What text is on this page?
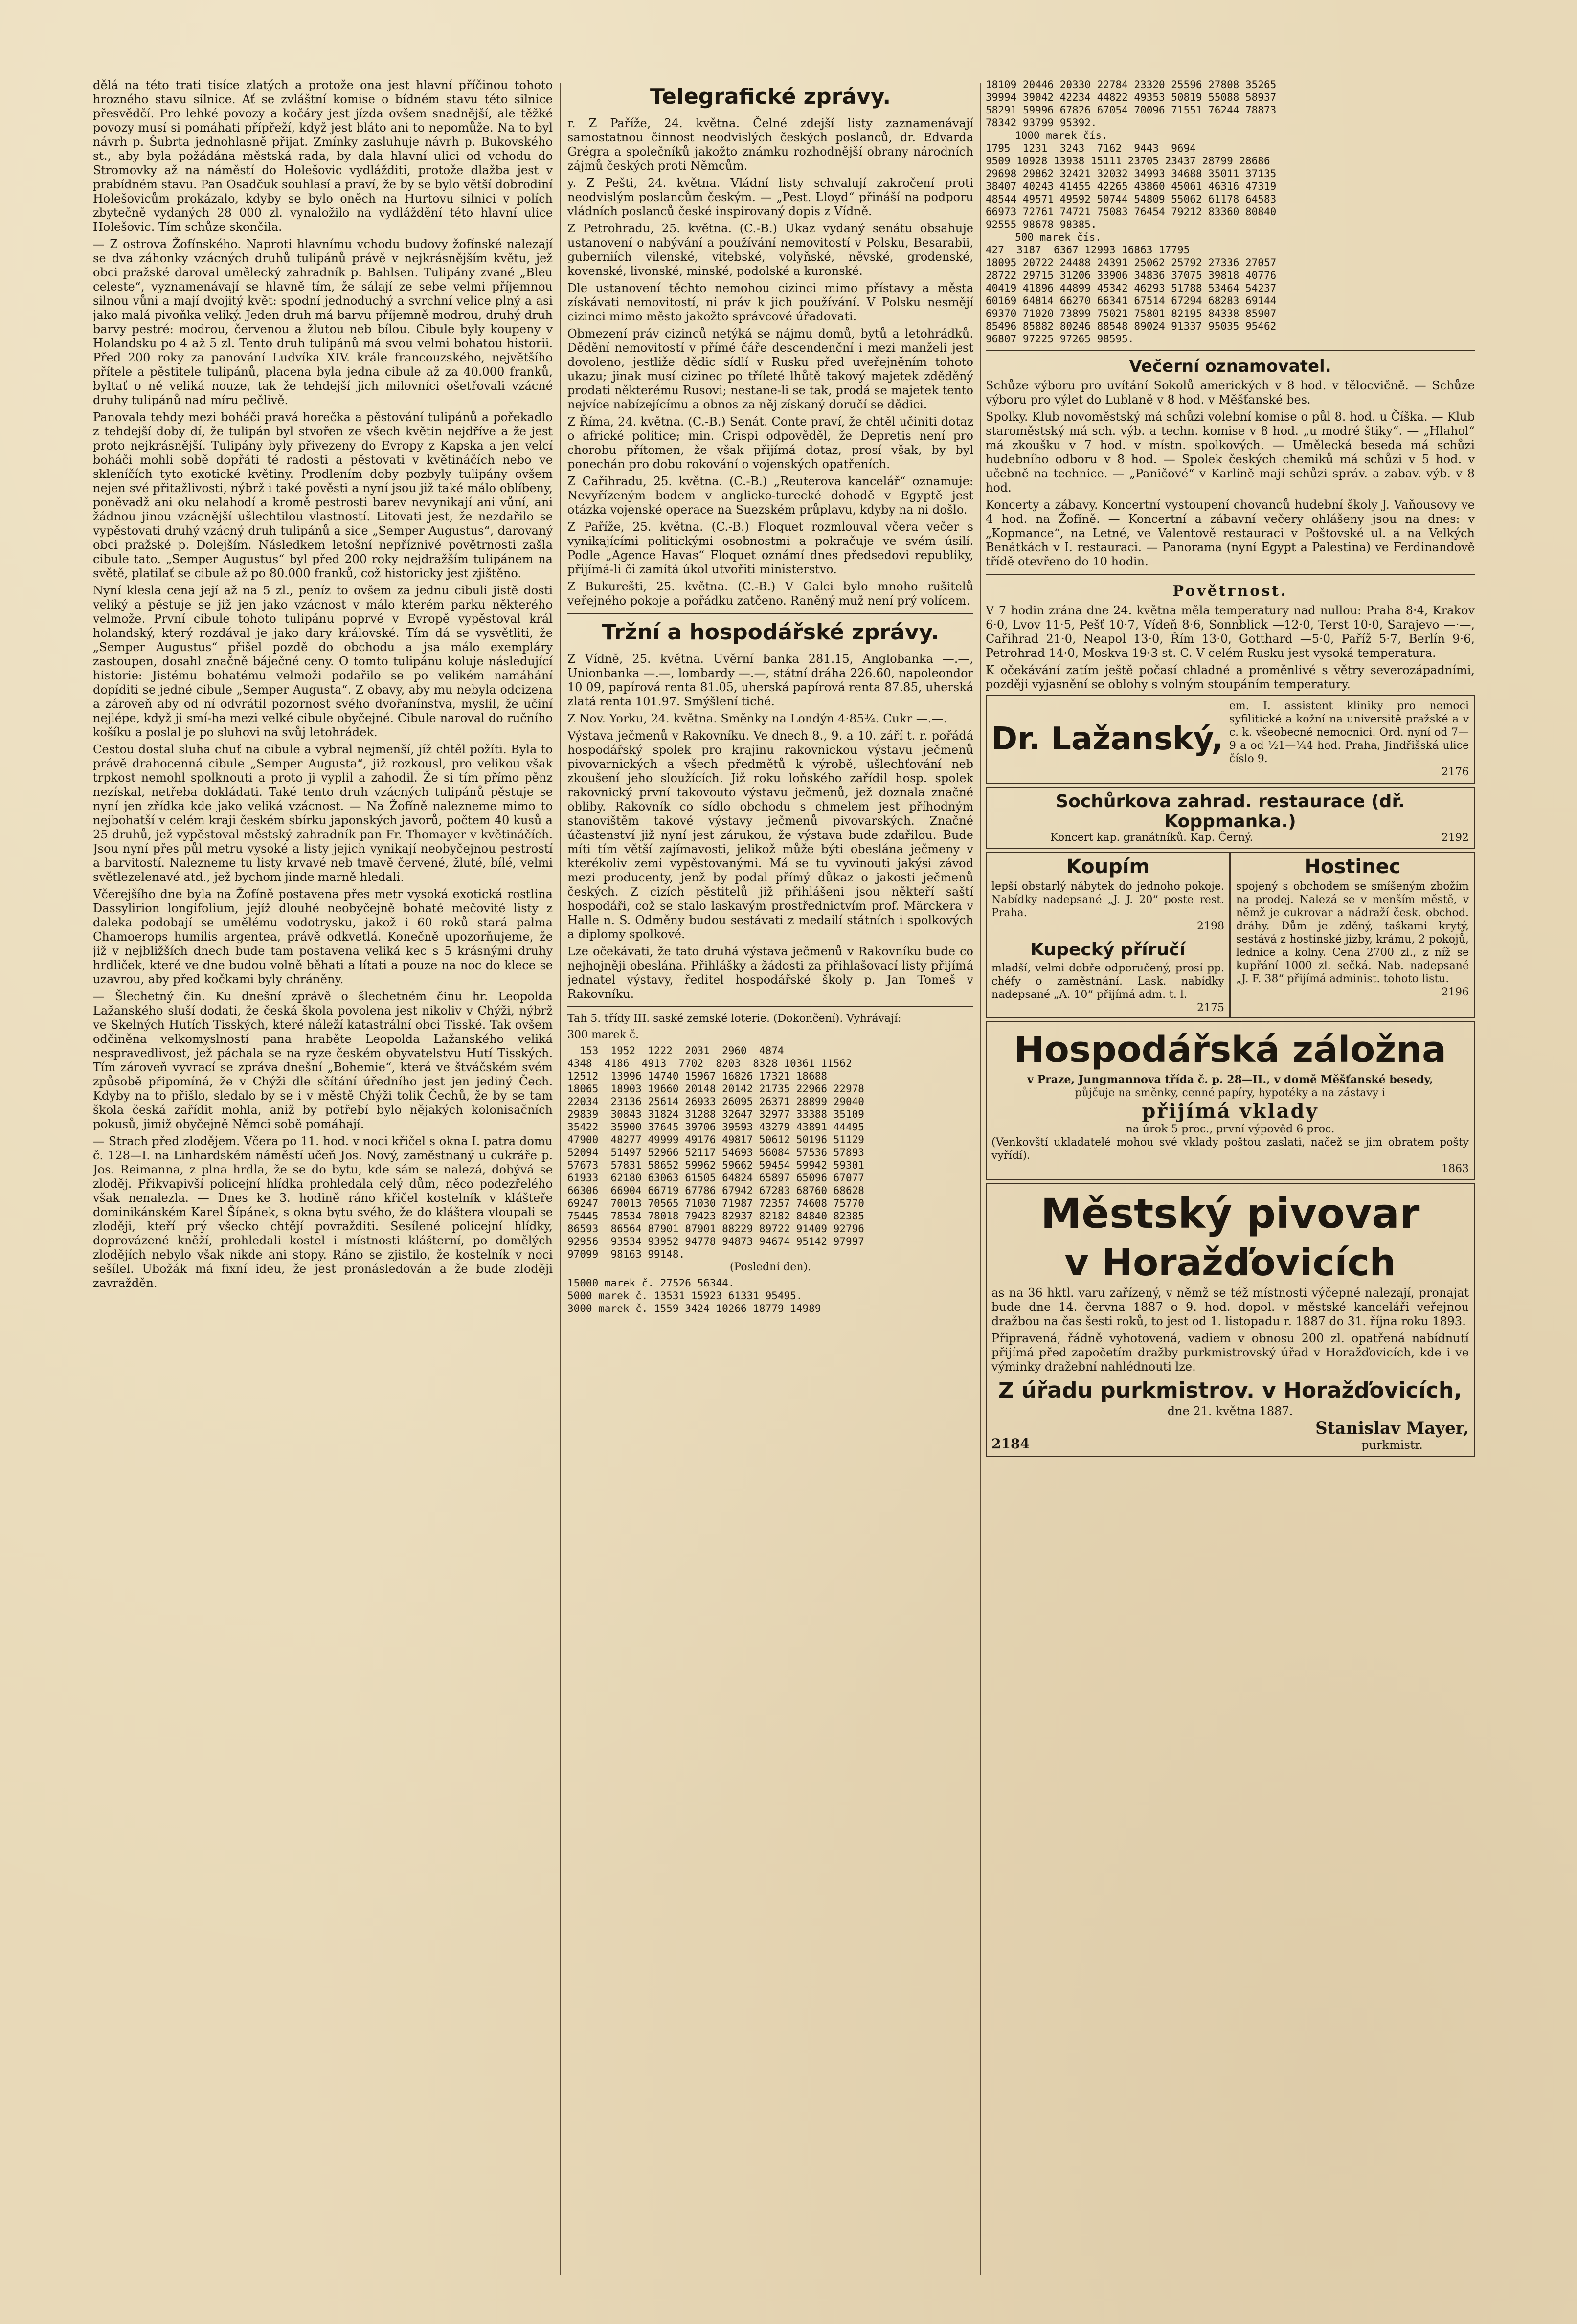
dělá na této trati tisíce zlatých a protože ona jest hlavní příčinou tohoto hrozného stavu silnice. Ať se zvláštní komise o bídném stavu této silnice přesvědčí. Pro lehké povozy a kočáry jest jízda ovšem snadnější, ale těžké povozy musí si pomáhati přípřeží, když jest bláto ani to nepomůže. Na to byl návrh p. Šubrta jednohlasně přijat. Zmínky zasluhuje návrh p. Bukovského st., aby byla požádána městská rada, by dala hlavní ulici od vchodu do Stromovky až na náměstí do Holešovic vydlážditi, protože dlažba jest v prabídném stavu. Pan Osadčuk souhlasí a praví, že by se bylo větší dobrodiní Holešovicům prokázalo, kdyby se bylo oněch na Hurtovu silnici v polích zbytečně vydaných 28 000 zl. vynaložilo na vydláždění této hlavní ulice Holešovic. Tím schůze skončila.

— Z ostrova Žofínského. Naproti hlavnímu vchodu budovy žofínské nalezají se dva záhonky vzácných druhů tulipánů právě v nejkrásnějším květu, jež obci pražské daroval umělecký zahradník p. Bahlsen. Tulipány zvané „Bleu celeste“, vyznamenávají se hlavně tím, že sálají ze sebe velmi příjemnou silnou vůni a mají dvojitý květ: spodní jednoduchý a svrchní velice plný a asi jako malá pivoňka veliký. Jeden druh má barvu příjemně modrou, druhý druh barvy pestré: modrou, červenou a žlutou neb bílou. Cibule byly koupeny v Holandsku po 4 až 5 zl. Tento druh tulipánů má svou velmi bohatou historii. Před 200 roky za panování Ludvíka XIV. krále francouzského, největšího přítele a pěstitele tulipánů, placena byla jedna cibule až za 40.000 franků, byltať o ně veliká nouze, tak že tehdejší jich milovníci ošetřovali vzácné druhy tulipánů nad míru pečlivě.

Panovala tehdy mezi boháči pravá horečka a pěstování tulipánů a pořekadlo z tehdejší doby dí, že tulipán byl stvořen ze všech květin nejdříve a že jest proto nejkrásnější. Tulipány byly přivezeny do Evropy z Kapska a jen velcí boháči mohli sobě dopřáti té radosti a pěstovati v květináčích nebo ve skleníčích tyto exotické květiny. Prodlením doby pozbyly tulipány ovšem nejen své přitažlivosti, nýbrž i také pověsti a nyní jsou již také málo oblíbeny, poněvadž ani oku nelahodí a kromě pestrosti barev nevynikají ani vůní, ani žádnou jinou vzácnější ušlechtilou vlastností. Litovati jest, že nezdařilo se vypěstovati druhý vzácný druh tulipánů a sice „Semper Augustus“, darovaný obci pražské p. Dolejším. Následkem letošní nepříznivé povětrnosti zašla cibule tato. „Semper Augustus“ byl před 200 roky nejdražším tulipánem na světě, platilať se cibule až po 80.000 franků, což historicky jest zjištěno.

Nyní klesla cena její až na 5 zl., peníz to ovšem za jednu cibuli jistě dosti veliký a pěstuje se již jen jako vzácnost v málo kterém parku některého velmože. První cibule tohoto tulipánu poprvé v Evropě vypěstoval král holandský, který rozdával je jako dary královské. Tím dá se vysvětliti, že „Semper Augustus“ přišel pozdě do obchodu a jsa málo exempláry zastoupen, dosahl značně báječné ceny. O tomto tulipánu koluje následující historie: Jistému bohatému velmoži podařilo se po velikém namáhání dopíditi se jedné cibule „Semper Augusta“. Z obavy, aby mu nebyla odcizena a zároveň aby od ní odvrátil pozornost svého dvořanínstva, myslil, že učiní nejlépe, když ji smí-ha mezi velké cibule obyčejné. Cibule naroval do ručního košíku a poslal je po sluhovi na svůj letohrádek.

Cestou dostal sluha chuť na cibule a vybral nejmenší, jíž chtěl požíti. Byla to právě drahocenná cibule „Semper Augusta“, již rozkousl, pro velikou však trpkost nemohl spolknouti a proto ji vyplil a zahodil. Že si tím přímo pěnz nezískal, netřeba dokládati. Také tento druh vzácných tulipánů pěstuje se nyní jen zřídka kde jako veliká vzácnost. — Na Žofíně nalezneme mimo to nejbohatší v celém kraji českém sbírku japonských javorů, počtem 40 kusů a 25 druhů, jež vypěstoval městský zahradník pan Fr. Thomayer v květináčích. Jsou nyní přes půl metru vysoké a listy jejich vynikají neobyčejnou pestrostí a barvitostí. Nalezneme tu listy krvavé neb tmavě červené, žluté, bílé, velmi světlezelenavé atd., jež bychom jinde marně hledali.

Včerejšího dne byla na Žofíně postavena přes metr vysoká exotická rostlina Dassylirion longifolium, jejíž dlouhé neobyčejně bohaté mečovité listy z daleka podobají se umělému vodotrysku, jakož i 60 roků stará palma Chamoerops humilis argentea, právě odkvetlá. Konečně upozorňujeme, že již v nejbližších dnech bude tam postavena veliká kec s 5 krásnými druhy hrdliček, které ve dne budou volně běhati a lítati a pouze na noc do klece se uzavrou, aby před kočkami byly chráněny.

— Šlechetný čin. Ku dnešní zprávě o šlechetném činu hr. Leopolda Lažanského sluší dodati, že česká škola povolena jest nikoliv v Chýži, nýbrž ve Skelných Hutích Tisských, které náleží katastrální obci Tisské. Tak ovšem odčiněna velkomyslností pana hraběte Leopolda Lažanského veliká nespravedlivost, jež páchala se na ryze českém obyvatelstvu Hutí Tisských. Tím zároveň vyvrací se zpráva dnešní „Bohemie“, která ve štváčském svém způsobě připomíná, že v Chýži dle sčítání úředního jest jen jediný Čech. Kdyby na to přišlo, sledalo by se i v městě Chýži tolik Čechů, že by se tam škola česká zařídit mohla, aniž by potřebí bylo nějakých kolonisačních pokusů, jimiž obyčejně Němci sobě pomáhají.

— Strach před zlodějem. Včera po 11. hod. v noci křičel s okna I. patra domu č. 128—I. na Linhardském náměstí učeň Jos. Nový, zaměstnaný u cukráře p. Jos. Reimanna, z plna hrdla, že se do bytu, kde sám se nalezá, dobývá se zloděj. Přikvapivší policejní hlídka prohledala celý dům, něco podezřelého však nenalezla. — Dnes ke 3. hodině ráno křičel kostelník v klášteře dominikánském Karel Šípánek, s okna bytu svého, že do kláštera vloupali se zloději, kteří prý všecko chtějí povražditi. Sesílené policejní hlídky, doprovázené kněží, prohledali kostel i místnosti klášterní, po domělých zlodějích nebylo však nikde ani stopy. Ráno se zjistilo, že kostelník v noci sešílel. Ubožák má fixní ideu, že jest pronásledován a že bude zloději zavražděn.

Telegrafické zprávy.

r. Z Paříže, 24. května. Čelné zdejší listy zaznamenávají samostatnou činnost neodvislých českých poslanců, dr. Edvarda Grégra a společníků jakožto známku rozhodnější obrany národních zájmů českých proti Němcům.

y. Z Pešti, 24. května. Vládní listy schvalují zakročení proti neodvislým poslancům českým. — „Pest. Lloyd“ přináší na podporu vládních poslanců české inspirovaný dopis z Vídně.

Z Petrohradu, 25. května. (C.-B.) Ukaz vydaný senátu obsahuje ustanovení o nabývání a používání nemovitostí v Polsku, Besarabii, guberniích vilenské, vitebské, volyňské, něvské, grodenské, kovenské, livonské, minské, podolské a kuronské.

Dle ustanovení těchto nemohou cizinci mimo přístavy a města získávati nemovitostí, ni práv k jich používání. V Polsku nesmějí cizinci mimo město jakožto správcové úřadovati.

Obmezení práv cizinců netýká se nájmu domů, bytů a letohrádků. Dědění nemovitostí v přímé čáře descendenční i mezi manželi jest dovoleno, jestliže dědic sídlí v Rusku před uveřejněním tohoto ukazu; jinak musí cizinec po tříleté lhůtě takový majetek zděděný prodati některému Rusovi; nestane-li se tak, prodá se majetek tento nejvíce nabízejícímu a obnos za něj získaný doručí se dědici.

Z Říma, 24. května. (C.-B.) Senát. Conte praví, že chtěl učiniti dotaz o africké politice; min. Crispi odpověděl, že Depretis není pro chorobu přítomen, že však přijímá dotaz, prosí však, by byl ponechán pro dobu rokování o vojenských opatřeních.

Z Cařihradu, 25. května. (C.-B.) „Reuterova kancelář“ oznamuje: Nevyřízeným bodem v anglicko-turecké dohodě v Egyptě jest otázka vojenské operace na Suezském průplavu, kdyby na ni došlo.

Z Paříže, 25. května. (C.-B.) Floquet rozmlouval včera večer s vynikajícími politickými osobnostmi a pokračuje ve svém úsilí. Podle „Agence Havas“ Floquet oznámí dnes předsedovi republiky, přijímá-li či zamítá úkol utvořiti ministerstvo.

Z Bukurešti, 25. května. (C.-B.) V Galci bylo mnoho rušitelů veřejného pokoje a pořádku zatčeno. Raněný muž není prý volícem.

Tržní a hospodářské zprávy.

Z Vídně, 25. května. Uvěrní banka 281.15, Anglobanka —.—, Unionbanka —.—, lombardy —.—, státní dráha 226.60, napoleondor 10 09, papírová renta 81.05, uherská papírová renta 87.85, uherská zlatá renta 101.97. Smýšlení tiché.

Z Nov. Yorku, 24. května. Směnky na Londýn 4·85¾. Cukr —.—.

Výstava ječmenů v Rakovníku. Ve dnech 8., 9. a 10. září t. r. pořádá hospodářský spolek pro krajinu rakovnickou výstavu ječmenů pivovarnických a všech předmětů k výrobě, ušlechťování neb zkoušení jeho sloužících. Již roku loňského zařídil hosp. spolek rakovnický první takovouto výstavu ječmenů, jež doznala značné obliby. Rakovník co sídlo obchodu s chmelem jest příhodným stanovištěm takové výstavy ječmenů pivovarských. Značné účastenství již nyní jest zárukou, že výstava bude zdařilou. Bude míti tím větší zajímavosti, jelikož může býti obeslána ječmeny v kterékoliv zemi vypěstovanými. Má se tu vyvinouti jakýsi závod mezi producenty, jenž by podal přímý důkaz o jakosti ječmenů českých. Z cizích pěstitelů již přihlášeni jsou někteří saští hospodáři, což se stalo laskavým prostřednictvím prof. Märckera v Halle n. S. Odměny budou sestávati z medailí státních i spolkových a diplomy spolkové.

Lze očekávati, že tato druhá výstava ječmenů v Rakovníku bude co nejhojněji obeslána. Přihlášky a žádosti za přihlašovací listy přijímá jednatel výstavy, ředitel hospodářské školy p. Jan Tomeš v Rakovníku.

Tah 5. třídy III. saské zemské loterie. (Dokončení). Vyhrávají:

300 marek č.

153  1952  1222  2031  2960  4874
4348  4186  4913  7702  8203  8328 10361 11562
12512  13996 14740 15967 16826 17321 18688
18065  18903 19660 20148 20142 21735 22966 22978
22034  23136 25614 26933 26095 26371 28899 29040
29839  30843 31824 31288 32647 32977 33388 35109
35422  35900 37645 39706 39593 43279 43891 44495
47900  48277 49999 49176 49817 50612 50196 51129
52094  51497 52966 52117 54693 56084 57536 57893
57673  57831 58652 59962 59662 59454 59942 59301
61933  62180 63063 61505 64824 65897 65096 67077
66306  66904 66719 67786 67942 67283 68760 68628
69247  70013 70565 71030 71987 72357 74608 75770
75445  78534 78018 79423 82937 82182 84840 82385
86593  86564 87901 87901 88229 89722 91409 92796
92956  93534 93952 94778 94873 94674 95142 97997
97099  98163 99148.

(Poslední den).

15000 marek č. 27526 56344.
5000 marek č. 13531 15923 61331 95495.
3000 marek č. 1559 3424 10266 18779 14989
18109 20446 20330 22784 23320 25596 27808 35265
39994 39042 42234 44822 49353 50819 55088 58937
58291 59996 67826 67054 70096 71551 76244 78873
78342 93799 95392.
1000 marek čís.
1795  1231  3243  7162  9443  9694
9509 10928 13938 15111 23705 23437 28799 28686
29698 29862 32421 32032 34993 34688 35011 37135
38407 40243 41455 42265 43860 45061 46316 47319
48544 49571 49592 50744 54809 55062 61178 64583
66973 72761 74721 75083 76454 79212 83360 80840
92555 98678 98385.
500 marek čís.
427  3187  6367 12993 16863 17795
18095 20722 24488 24391 25062 25792 27336 27057
28722 29715 31206 33906 34836 37075 39818 40776
40419 41896 44899 45342 46293 51788 53464 54237
60169 64814 66270 66341 67514 67294 68283 69144
69370 71020 73899 75021 75801 82195 84338 85907
85496 85882 80246 88548 89024 91337 95035 95462
96807 97225 97265 98595.
Večerní oznamovatel.

Schůze výboru pro uvítání Sokolů amerických v 8 hod. v tělocvičně. — Schůze výboru pro výlet do Lublaně v 8 hod. v Měšťanské bes.

Spolky. Klub novoměstský má schůzi volební komise o půl 8. hod. u Číška. — Klub staroměstský má sch. výb. a techn. komise v 8 hod. „u modré štiky“. — „Hlahol“ má zkoušku v 7 hod. v místn. spolkových. — Umělecká beseda má schůzi hudebního odboru v 8 hod. — Spolek českých chemiků má schůzi v 5 hod. v učebně na technice. — „Paničové“ v Karlíně mají schůzi správ. a zabav. výb. v 8 hod.

Koncerty a zábavy. Koncertní vystoupení chovanců hudební školy J. Vaňousovy ve 4 hod. na Žofíně. — Koncertní a zábavní večery ohlášeny jsou na dnes: v „Kopmance“, na Letné, ve Valentově restauraci v Poštovské ul. a na Velkých Benátkách v I. restauraci. — Panorama (nyní Egypt a Palestina) ve Ferdinandově třídě otevřeno do 10 hodin.

Povětrnost.

V 7 hodin zrána dne 24. května měla temperatury nad nullou: Praha 8·4, Krakov 6·0, Lvov 11·5, Pešť 10·7, Vídeň 8·6, Sonnblick —12·0, Terst 10·0, Sarajevo —·—, Cařihrad 21·0, Neapol 13·0, Řím 13·0, Gotthard —5·0, Paříž 5·7, Berlín 9·6, Petrohrad 14·0, Moskva 19·3 st. C. V celém Rusku jest vysoká temperatura.

K očekávání zatím ještě počasí chladné a proměnlivé s větry severozápadními, později vyjasnění se oblohy s volným stoupáním temperatury.

Dr. Lažanský,

em. I. assistent kliniky pro nemoci syfilitické a kožní na universitě pražské a v c. k. všeobecné nemocnici. Ord. nyní od 7—9 a od ½1—¼4 hod. Praha, Jindřišská ulice číslo 9.

2176

Sochůrkova zahrad. restaurace (dř. Koppmanka.)
Koncert kap. granátníků. Kap. Černý.	2192
Koupím

lepší obstarlý nábytek do jednoho pokoje. Nabídky nadepsané „J. J. 20“ poste rest. Praha.

2198

Kupecký příručí

mladší, velmi dobře odporučený, prosí pp. chéfy o zaměstnání. Lask. nabídky nadepsané „A. 10“ přijímá adm. t. l.

2175

Hostinec

spojený s obchodem se smíšeným zbožím na prodej. Nalezá se v menším městě, v němž je cukrovar a nádraží česk. obchod. dráhy. Dům je zděný, taškami krytý, sestává z hostinské jizby, krámu, 2 pokojů, lednice a kolny. Cena 2700 zl., z níž se kupřání 1000 zl. sečká. Nab. nadepsané „J. F. 38“ přijímá administ. tohoto listu.

2196

Hospodářská záložna

v Praze, Jungmannova třída č. p. 28—II., v domě Měšťanské besedy,

půjčuje na směnky, cenné papíry, hypotéky a na zástavy i

přijímá vklady

na úrok 5 proc., první výpověd 6 proc.

(Venkovští ukladatelé mohou své vklady poštou zaslati, načež se jim obratem pošty vyřídí).

1863

Městský pivovar
v Horažďovicích

as na 36 hktl. varu zařízený, v němž se též místnosti výčepné nalezají, pronajat bude dne 14. června 1887 o 9. hod. dopol. v městské kanceláři veřejnou dražbou na čas šesti roků, to jest od 1. listopadu r. 1887 do 31. října roku 1893.

Připravená, řádně vyhotovená, vadiem v obnosu 200 zl. opatřená nabídnutí přijímá před započetím dražby purkmistrovský úřad v Horažďovicích, kde i ve výminky dražební nahlédnouti lze.

Z úřadu purkmistrov. v Horažďovicích,

dne 21. května 1887.

2184
Stanislav Mayer,
purkmistr.
